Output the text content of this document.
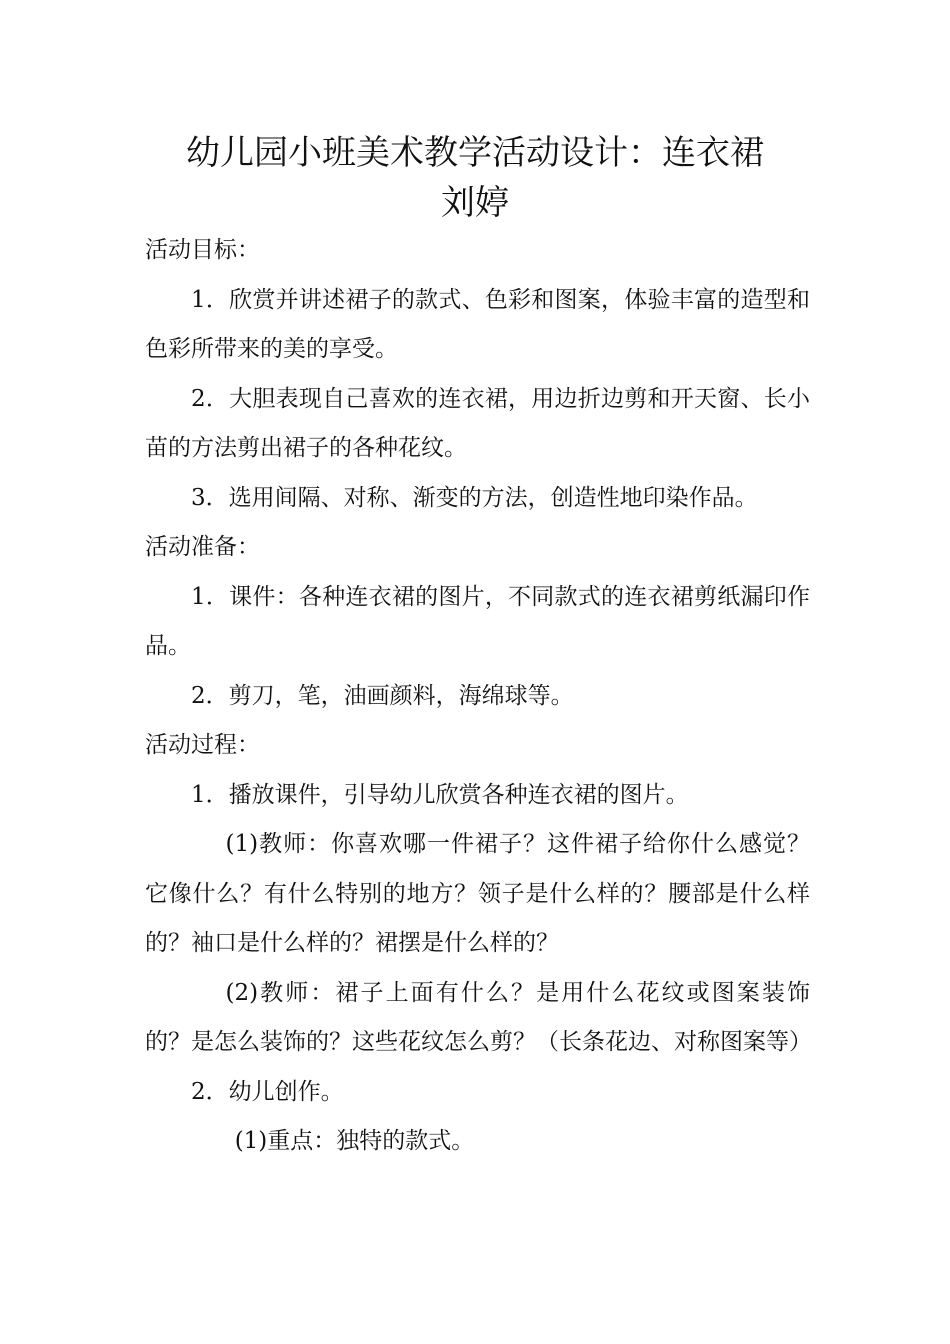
幼儿园小班美术教学活动设计：连衣裙
刘婷

活动目标：

1．欣赏并讲述裙子的款式、色彩和图案，体验丰富的造型和色彩所带来的美的享受。

2．大胆表现自己喜欢的连衣裙，用边折边剪和开天窗、长小苗的方法剪出裙子的各种花纹。

3．选用间隔、对称、渐变的方法，创造性地印染作品。

活动准备：

1．课件：各种连衣裙的图片，不同款式的连衣裙剪纸漏印作品。

2．剪刀，笔，油画颜料，海绵球等。

活动过程：

1．播放课件，引导幼儿欣赏各种连衣裙的图片。

(1)教师：你喜欢哪一件裙子？这件裙子给你什么感觉？它像什么？有什么特别的地方？领子是什么样的？腰部是什么样的？袖口是什么样的？裙摆是什么样的？

(2)教师：裙子上面有什么？是用什么花纹或图案装饰的？是怎么装饰的？这些花纹怎么剪？（长条花边、对称图案等）

2．幼儿创作。

(1)重点：独特的款式。
